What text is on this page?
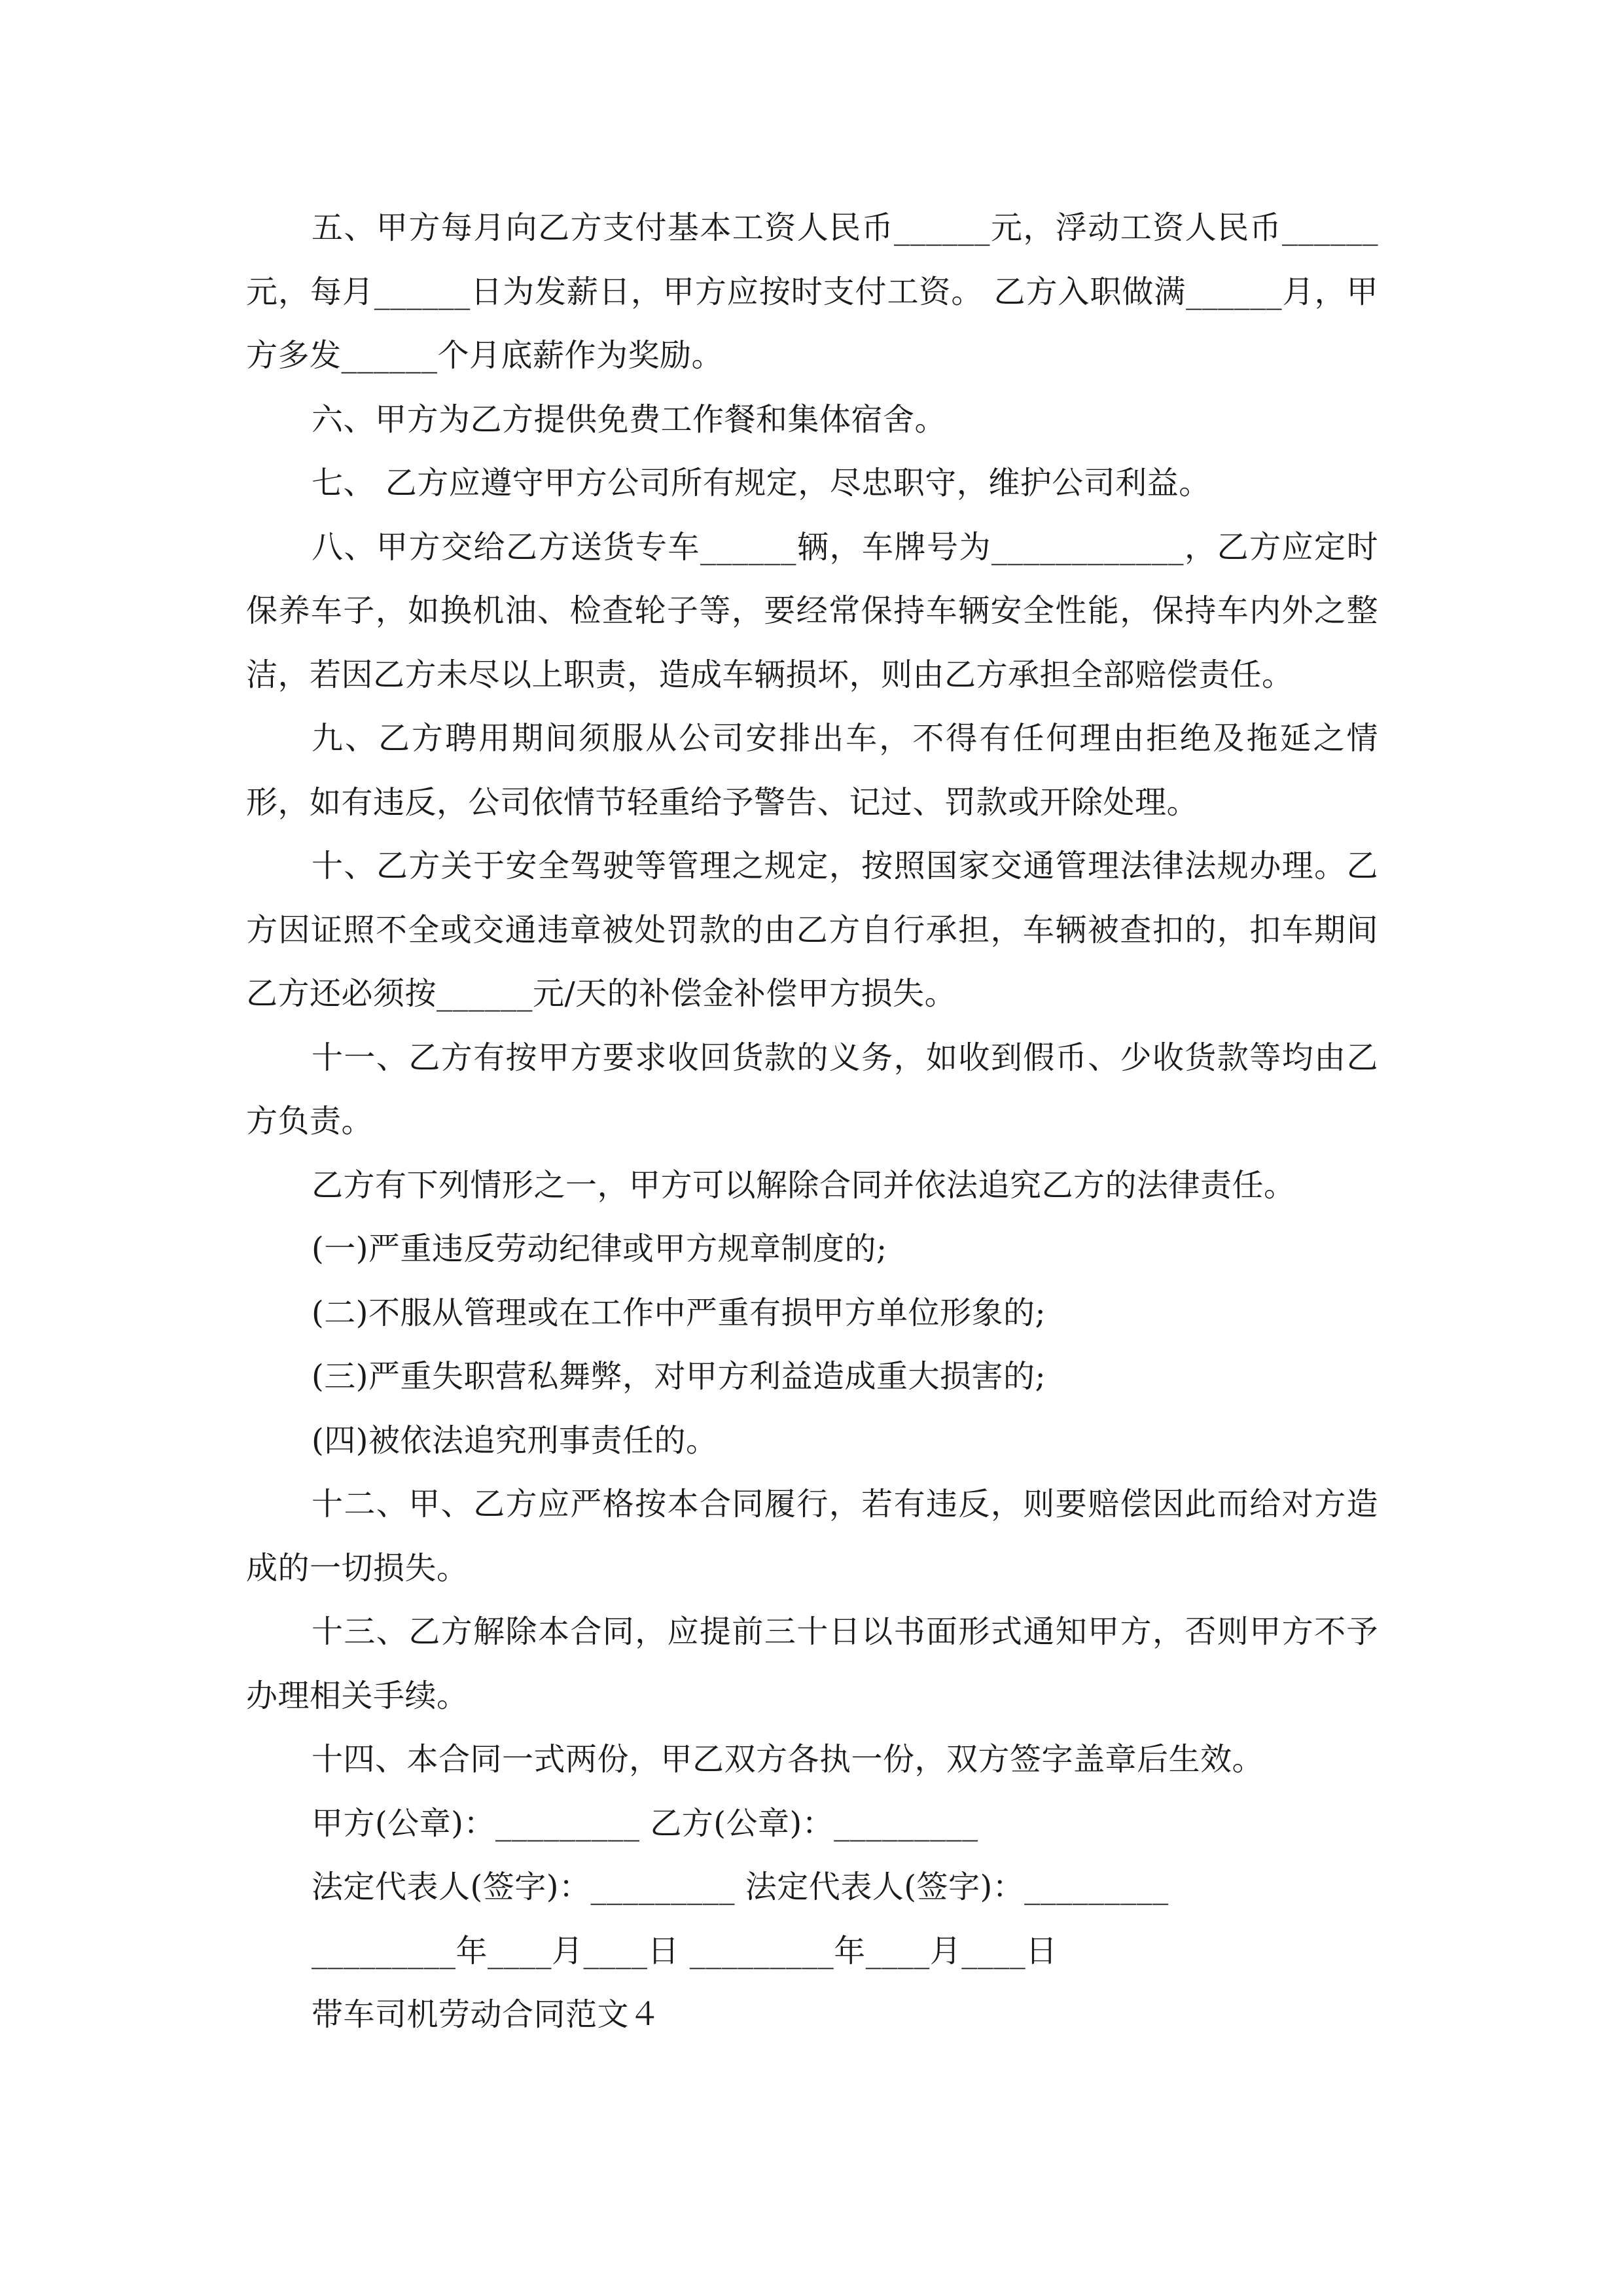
五、甲方每月向乙方支付基本工资人民币______元，浮动工资人民币______元，每月______日为发薪日，甲方应按时支付工资。 乙方入职做满______月，甲方多发______个月底薪作为奖励。

六、甲方为乙方提供免费工作餐和集体宿舍。

七、 乙方应遵守甲方公司所有规定，尽忠职守，维护公司利益。

八、甲方交给乙方送货专车______辆，车牌号为____________，乙方应定时保养车子，如换机油、检查轮子等，要经常保持车辆安全性能，保持车内外之整洁，若因乙方未尽以上职责，造成车辆损坏，则由乙方承担全部赔偿责任。

九、乙方聘用期间须服从公司安排出车，不得有任何理由拒绝及拖延之情形，如有违反，公司依情节轻重给予警告、记过、罚款或开除处理。

十、乙方关于安全驾驶等管理之规定，按照国家交通管理法律法规办理。乙方因证照不全或交通违章被处罚款的由乙方自行承担，车辆被查扣的，扣车期间乙方还必须按______元/天的补偿金补偿甲方损失。

十一、乙方有按甲方要求收回货款的义务，如收到假币、少收货款等均由乙方负责。

乙方有下列情形之一，甲方可以解除合同并依法追究乙方的法律责任。

(一)严重违反劳动纪律或甲方规章制度的;

(二)不服从管理或在工作中严重有损甲方单位形象的;

(三)严重失职营私舞弊，对甲方利益造成重大损害的;

(四)被依法追究刑事责任的。

十二、甲、乙方应严格按本合同履行，若有违反，则要赔偿因此而给对方造成的一切损失。

十三、乙方解除本合同，应提前三十日以书面形式通知甲方，否则甲方不予办理相关手续。

十四、本合同一式两份，甲乙双方各执一份，双方签字盖章后生效。

甲方(公章)：_________ 乙方(公章)：_________

法定代表人(签字)：_________ 法定代表人(签字)：_________

_________年____月____日 _________年____月____日

带车司机劳动合同范文４
